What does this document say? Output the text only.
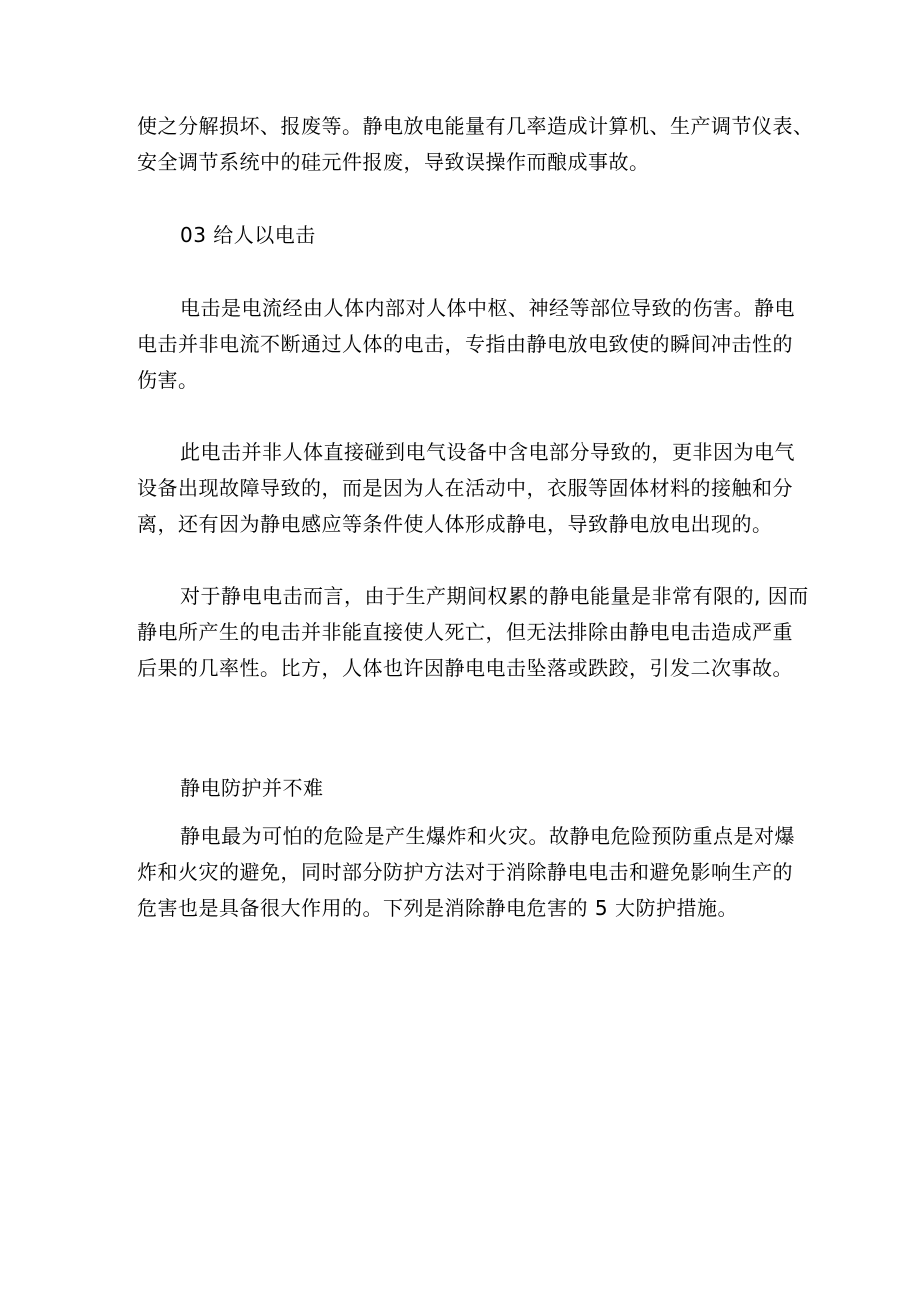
使之分解损坏、报废等。静电放电能量有几率造成计算机、生产调节仪表、
安全调节系统中的硅元件报废，导致误操作而酿成事故。
03 给人以电击
电击是电流经由人体内部对人体中枢、神经等部位导致的伤害。静电
电击并非电流不断通过人体的电击，专指由静电放电致使的瞬间冲击性的
伤害。
此电击并非人体直接碰到电气设备中含电部分导致的，更非因为电气
设备出现故障导致的，而是因为人在活动中，衣服等固体材料的接触和分
离，还有因为静电感应等条件使人体形成静电，导致静电放电出现的。
对于静电电击而言，由于生产期间权累的静电能量是非常有限的, 因而
静电所产生的电击并非能直接使人死亡，但无法排除由静电电击造成严重
后果的几率性。比方，人体也许因静电电击坠落或跌跤，引发二次事故。
静电防护并不难
静电最为可怕的危险是产生爆炸和火灾。故静电危险预防重点是对爆
炸和火灾的避免，同时部分防护方法对于消除静电电击和避免影响生产的
危害也是具备很大作用的。下列是消除静电危害的 5 大防护措施。
